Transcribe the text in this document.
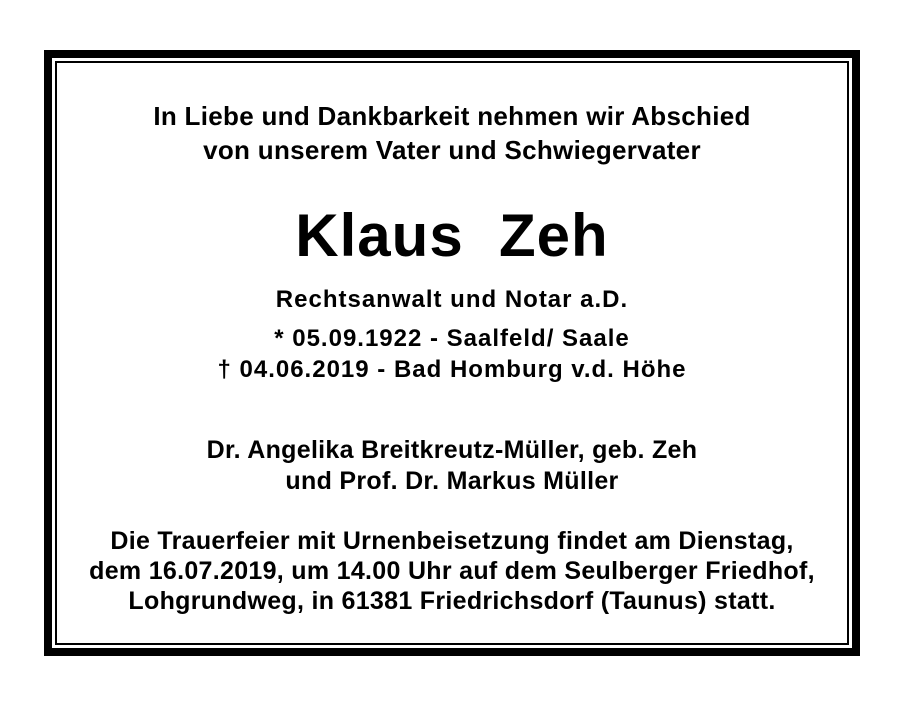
In Liebe und Dankbarkeit nehmen wir Abschied
von unserem Vater und Schwiegervater
Klaus  Zeh
Rechtsanwalt und Notar a.D.
* 05.09.1922 - Saalfeld/ Saale
† 04.06.2019 - Bad Homburg v.d. Höhe
Dr. Angelika Breitkreutz-Müller, geb. Zeh
und Prof. Dr. Markus Müller
Die Trauerfeier mit Urnenbeisetzung findet am Dienstag,
dem 16.07.2019, um 14.00 Uhr auf dem Seulberger Friedhof,
Lohgrundweg, in 61381 Friedrichsdorf (Taunus) statt.
